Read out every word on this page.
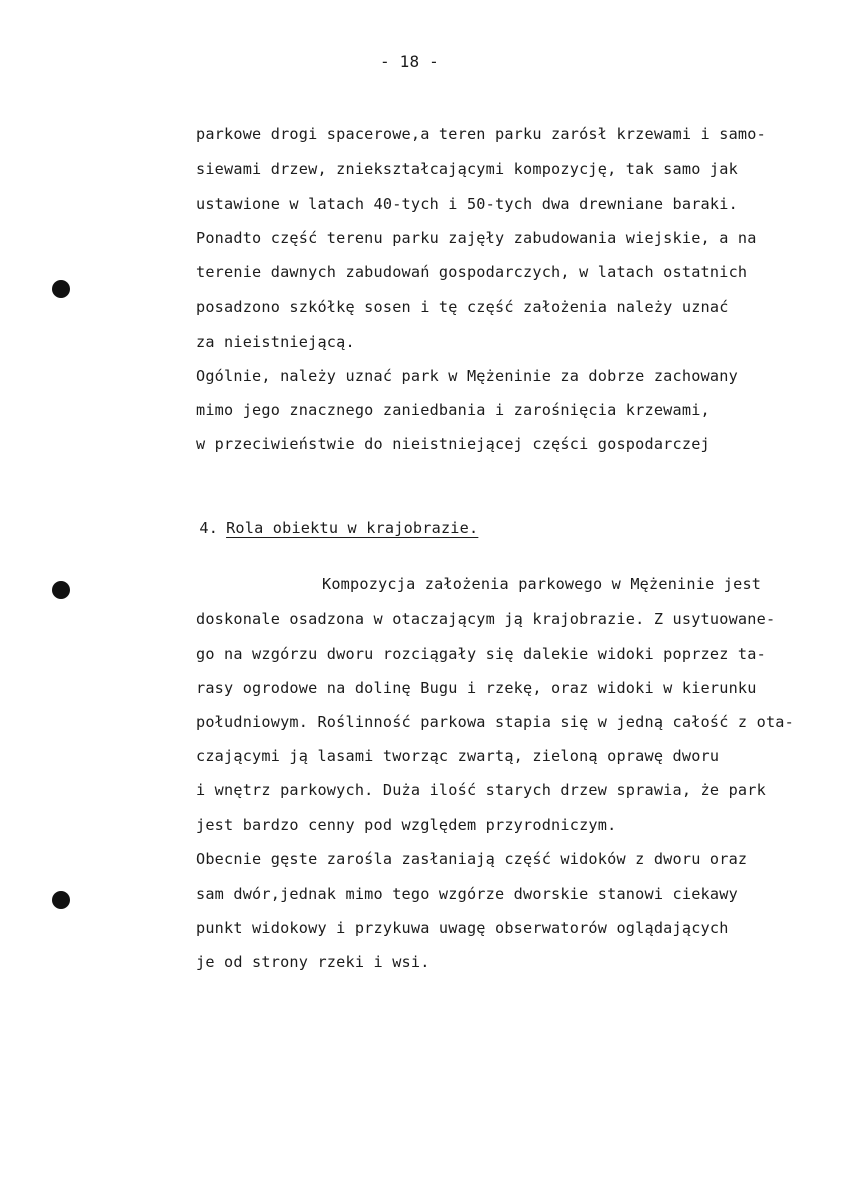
- 18 -
parkowe drogi spacerowe,a teren parku zarósł krzewami i samo-
siewami drzew, zniekształcającymi kompozycję, tak samo jak
ustawione w latach 40-tych i 50-tych dwa drewniane baraki.
Ponadto część terenu parku zajęły zabudowania wiejskie, a na
terenie dawnych zabudowań gospodarczych, w latach ostatnich
posadzono szkółkę sosen i tę część założenia należy uznać
za nieistniejącą.
Ogólnie, należy uznać park w Mężeninie za dobrze zachowany
mimo jego znacznego zaniedbania i zarośnięcia krzewami,
w przeciwieństwie do nieistniejącej części gospodarczej

4. Rola obiektu w krajobrazie.

Kompozycja założenia parkowego w Mężeninie jest
doskonale osadzona w otaczającym ją krajobrazie. Z usytuowane-
go na wzgórzu dworu rozciągały się dalekie widoki poprzez ta-
rasy ogrodowe na dolinę Bugu i rzekę, oraz widoki w kierunku
południowym. Roślinność parkowa stapia się w jedną całość z ota-
czającymi ją lasami tworząc zwartą, zieloną oprawę dworu
i wnętrz parkowych. Duża ilość starych drzew sprawia, że park
jest bardzo cenny pod względem przyrodniczym.
Obecnie gęste zarośla zasłaniają część widoków z dworu oraz
sam dwór,jednak mimo tego wzgórze dworskie stanowi ciekawy
punkt widokowy i przykuwa uwagę obserwatorów oglądających
je od strony rzeki i wsi.
